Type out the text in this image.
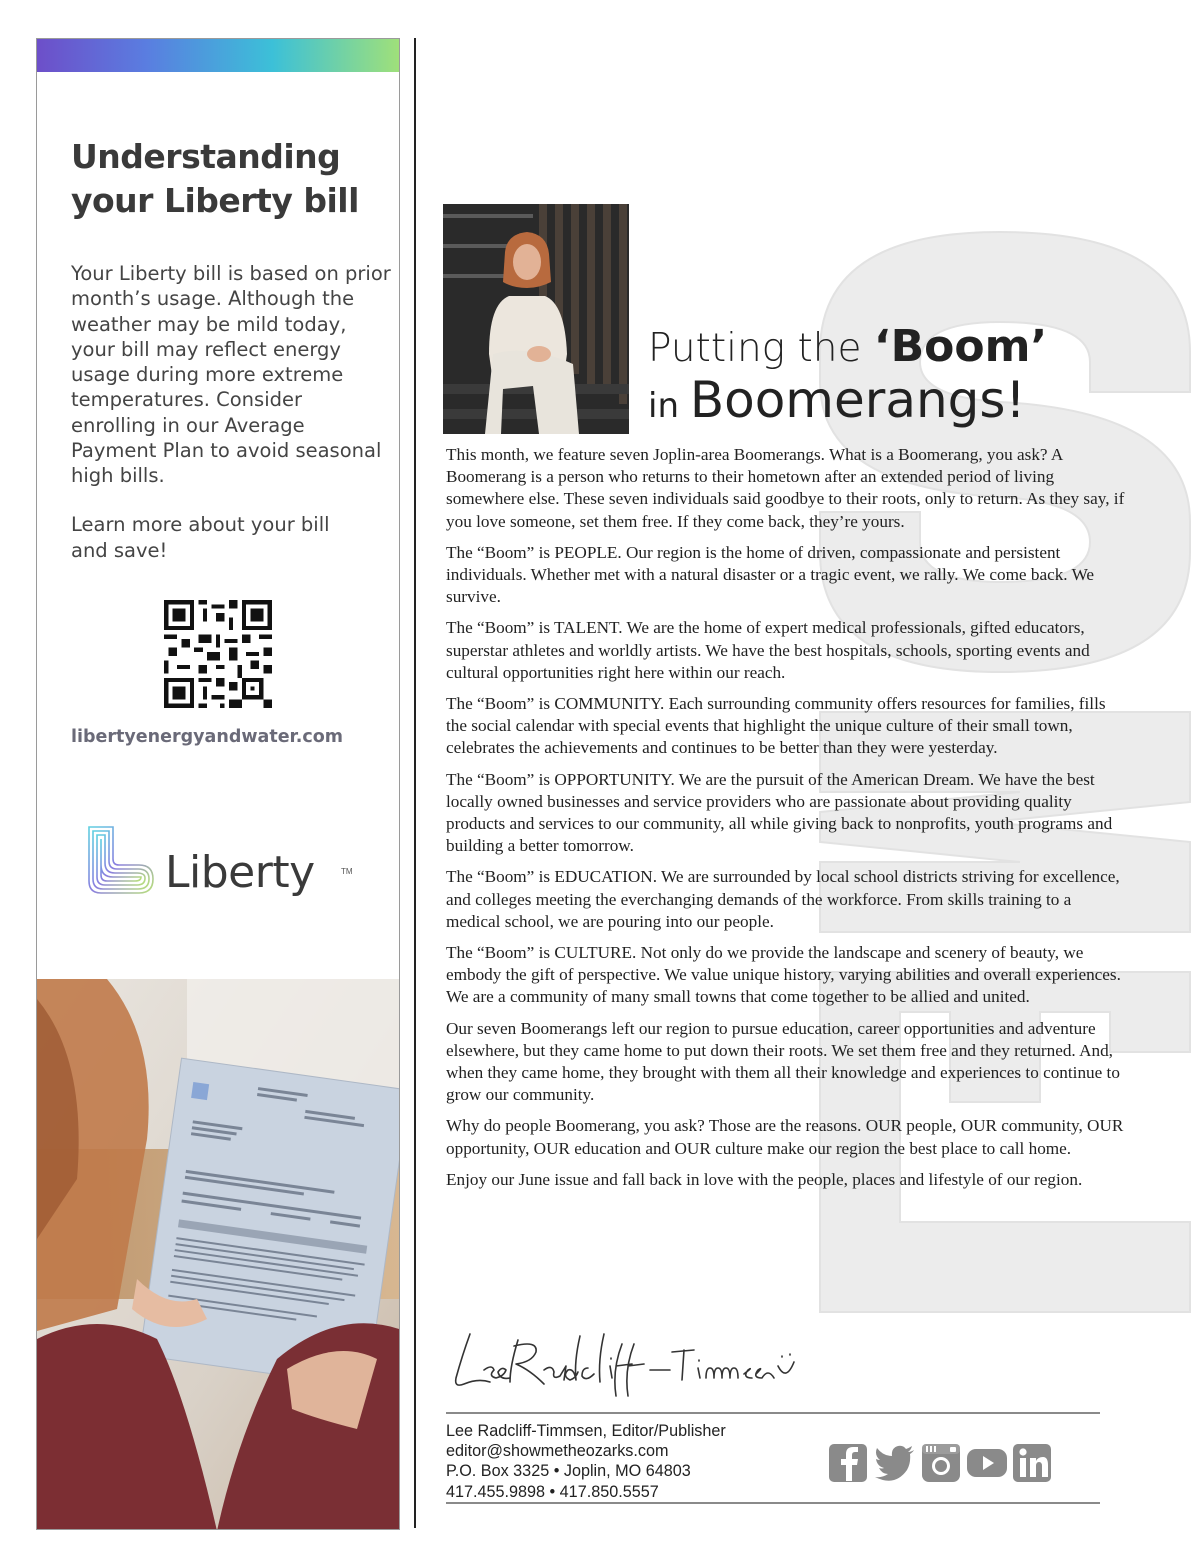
Understanding
your Liberty bill

Your Liberty bill is based on prior month’s usage. Although the weather may be mild today, your bill may reflect energy usage during more extreme temperatures. Consider enrolling in our Average Payment Plan to avoid seasonal high bills.

Learn more about your bill and save!

libertyenergyandwater.com
Liberty	TM
Putting the ‘Boom’
in Boomerangs!

This month, we feature seven Joplin-area Boomerangs. What is a Boomerang, you ask? A Boomerang is a person who returns to their hometown after an extended period of living somewhere else. These seven individuals said goodbye to their roots, only to return. As they say, if you love someone, set them free. If they come back, they’re yours.

The “Boom” is PEOPLE. Our region is the home of driven, compassionate and persistent individuals. Whether met with a natural disaster or a tragic event, we rally. We come back. We survive.

The “Boom” is TALENT. We are the home of expert medical professionals, gifted educators, superstar athletes and worldly artists. We have the best hospitals, schools, sporting events and cultural opportunities right here within our reach.

The “Boom” is COMMUNITY. Each surrounding community offers resources for families, fills the social calendar with special events that highlight the unique culture of their small town, celebrates the achievements and continues to be better than they were yesterday.

The “Boom” is OPPORTUNITY. We are the pursuit of the American Dream. We have the best locally owned businesses and service providers who are passionate about providing quality products and services to our community, all while giving back to nonprofits, youth programs and building a better tomorrow.

The “Boom” is EDUCATION. We are surrounded by local school districts striving for excellence, and colleges meeting the everchanging demands of the workforce. From skills training to a medical school, we are pouring into our people.

The “Boom” is CULTURE. Not only do we provide the landscape and scenery of beauty, we embody the gift of perspective. We value unique history, varying abilities and overall experiences. We are a community of many small towns that come together to be allied and united.

Our seven Boomerangs left our region to pursue education, career opportunities and adventure elsewhere, but they came home to put down their roots. We set them free and they returned. And, when they came home, they brought with them all their knowledge and experiences to continue to grow our community.

Why do people Boomerang, you ask? Those are the reasons. OUR people, OUR community, OUR opportunity, OUR education and OUR culture make our region the best place to call home.

Enjoy our June issue and fall back in love with the people, places and lifestyle of our region.

Lee Radcliff-Timmsen, Editor/Publisher
editor@showmetheozarks.com
P.O. Box 3325 • Joplin, MO 64803
417.455.9898 • 417.850.5557
